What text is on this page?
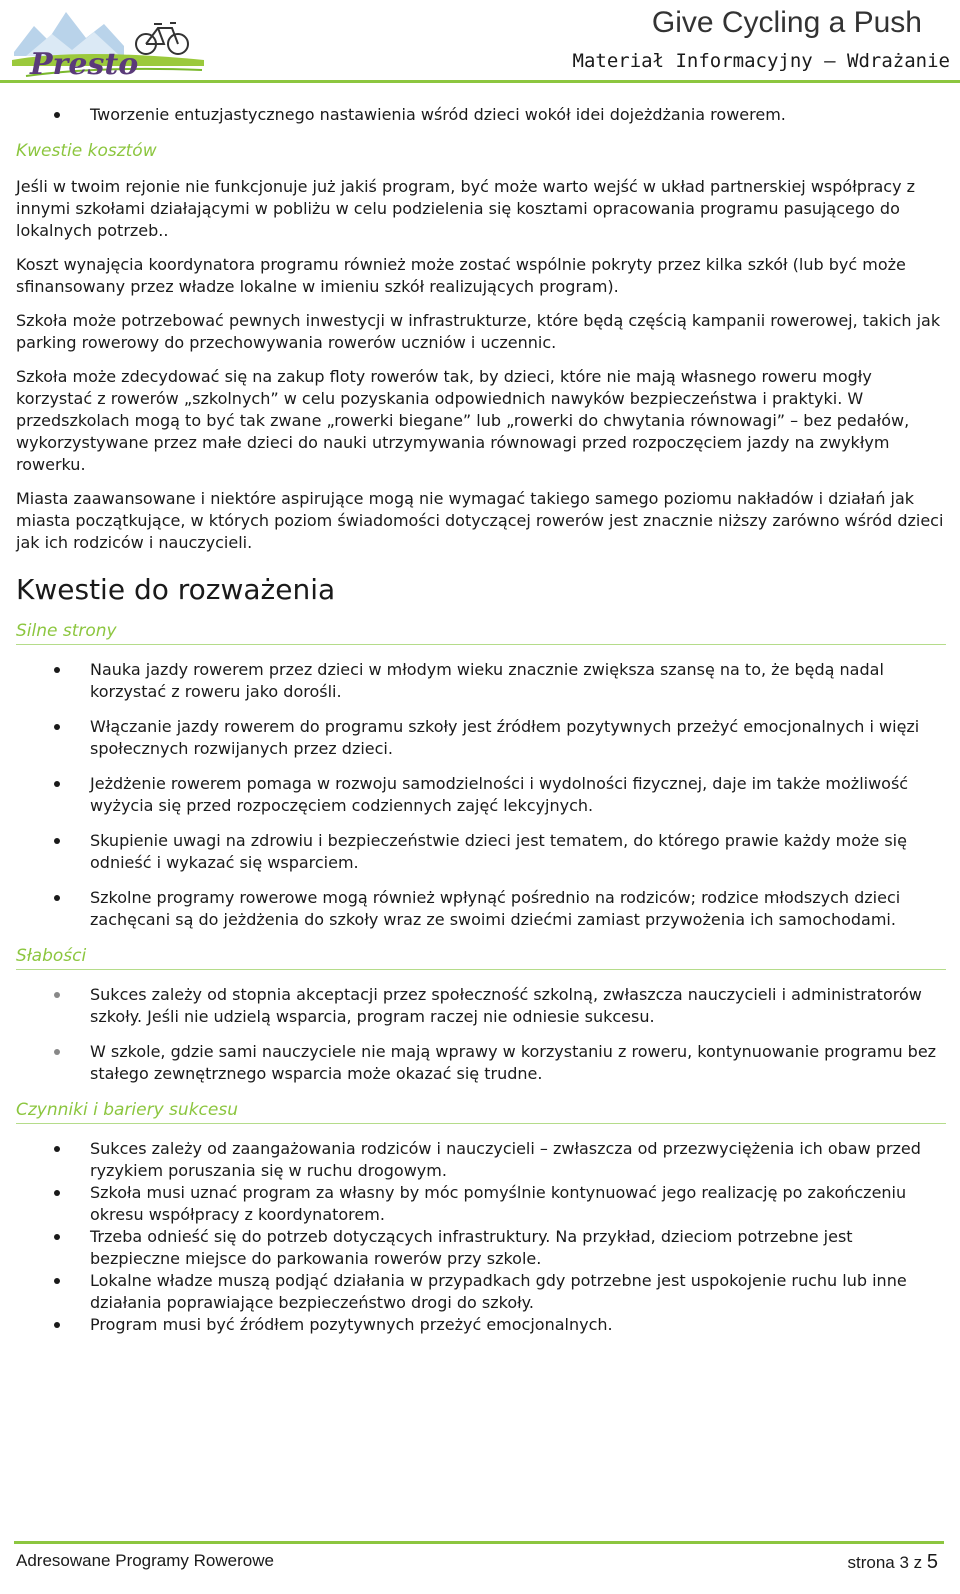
Presto
Give Cycling a Push
Materiał Informacyjny – Wdrażanie
Tworzenie entuzjastycznego nastawienia wśród dzieci wokół idei dojeżdżania rowerem.
Kwestie kosztów

Jeśli w twoim rejonie nie funkcjonuje już jakiś program, być może warto wejść w układ partnerskiej współpracy z innymi szkołami działającymi w pobliżu w celu podzielenia się kosztami opracowania programu pasującego do lokalnych potrzeb..

Koszt wynajęcia koordynatora programu również może zostać wspólnie pokryty przez kilka szkół (lub być może sfinansowany przez władze lokalne w imieniu szkół realizujących program).

Szkoła może potrzebować pewnych inwestycji w infrastrukturze, które będą częścią kampanii rowerowej, takich jak parking rowerowy do przechowywania rowerów uczniów i uczennic.

Szkoła może zdecydować się na zakup floty rowerów tak, by dzieci, które nie mają własnego roweru mogły korzystać z rowerów „szkolnych” w celu pozyskania odpowiednich nawyków bezpieczeństwa i praktyki. W przedszkolach mogą to być tak zwane „rowerki biegane” lub „rowerki do chwytania równowagi” – bez pedałów, wykorzystywane przez małe dzieci do nauki utrzymywania równowagi przed rozpoczęciem jazdy na zwykłym rowerku.

Miasta zaawansowane i niektóre aspirujące mogą nie wymagać takiego samego poziomu nakładów i działań jak miasta początkujące, w których poziom świadomości dotyczącej rowerów jest znacznie niższy zarówno wśród dzieci jak ich rodziców i nauczycieli.

Kwestie do rozważenia
Silne strony
Nauka jazdy rowerem przez dzieci w młodym wieku znacznie zwiększa szansę na to, że będą nadal korzystać z roweru jako dorośli.
Włączanie jazdy rowerem do programu szkoły jest źródłem pozytywnych przeżyć emocjonalnych i więzi społecznych rozwijanych przez dzieci.
Jeżdżenie rowerem pomaga w rozwoju samodzielności i wydolności fizycznej, daje im także możliwość wyżycia się przed rozpoczęciem codziennych zajęć lekcyjnych.
Skupienie uwagi na zdrowiu i bezpieczeństwie dzieci jest tematem, do którego prawie każdy może się odnieść i wykazać się wsparciem.
Szkolne programy rowerowe mogą również wpłynąć pośrednio na rodziców; rodzice młodszych dzieci zachęcani są do jeżdżenia do szkoły wraz ze swoimi dziećmi zamiast przywożenia ich samochodami.
Słabości
Sukces zależy od stopnia akceptacji przez społeczność szkolną, zwłaszcza nauczycieli i administratorów szkoły. Jeśli nie udzielą wsparcia, program raczej nie odniesie sukcesu.
W szkole, gdzie sami nauczyciele nie mają wprawy w korzystaniu z roweru, kontynuowanie programu bez stałego zewnętrznego wsparcia może okazać się trudne.
Czynniki i bariery sukcesu
Sukces zależy od zaangażowania rodziców i nauczycieli – zwłaszcza od przezwyciężenia ich obaw przed ryzykiem poruszania się w ruchu drogowym.
Szkoła musi uznać program za własny by móc pomyślnie kontynuować jego realizację po zakończeniu okresu współpracy z koordynatorem.
Trzeba odnieść się do potrzeb dotyczących infrastruktury. Na przykład, dzieciom potrzebne jest bezpieczne miejsce do parkowania rowerów przy szkole.
Lokalne władze muszą podjąć działania w przypadkach gdy potrzebne jest uspokojenie ruchu lub inne działania poprawiające bezpieczeństwo drogi do szkoły.
Program musi być źródłem pozytywnych przeżyć emocjonalnych.
Adresowane Programy Rowerowe	strona 3 z 5
